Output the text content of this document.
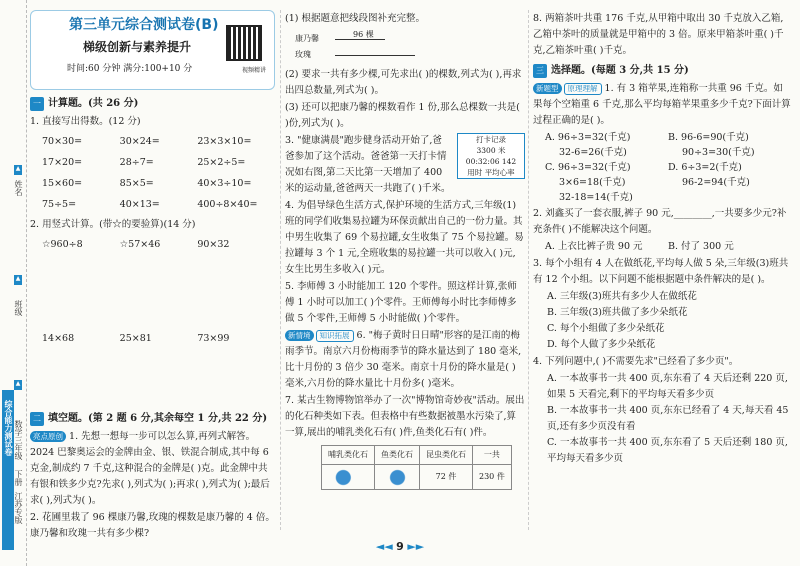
综合能力测试卷 数学三年级
下册
江苏专版
班级
姓名
▲
▲
▲
第三单元综合测试卷(B)
梯级创新与素养提升
时间:60 分钟 满分:100+10 分	视频精讲
一 计算题。(共 26 分)
1. 直接写出得数。(12 分)
70×30=	30×24=	23×3×10=
17×20=	28÷7=	25×2÷5=
15×60=	85×5=	40×3÷10=
75÷5=	40×13=	400÷8×40=
2. 用竖式计算。(带☆的要验算)(14 分)
☆960÷8	☆57×46	90×32
14×68	25×81	73×99
二 填空题。(第 2 题 6 分,其余每空 1 分,共 22 分)
亮点原创 1. 先想一想每一步可以怎么算,再列式解答。2024 巴黎奥运会的金牌由金、银、铁混合制成,其中每 6 克金,制成约 7 千克,这种混合的金牌是( )克。此金牌中共有银和铁多少克?先求( ),列式为( );再求( ),列式为( );最后求( ),列式为( )。
2. 花圃里栽了 96 棵康乃馨,玫瑰的棵数是康乃馨的 4 倍。康乃馨和玫瑰一共有多少棵?
(1) 根据题意把线段图补充完整。
康乃馨	96 棵
玫瑰
(2) 要求一共有多少棵,可先求出( )的棵数,列式为( ),再求出四总数量,列式为( )。
(3) 还可以把康乃馨的棵数看作 1 份,那么总棵数一共是( )份,列式为( )。
打卡记录
3300 米
00:32:06 142
用时 平均心率
3. "健康满晨"跑步健身活动开始了,爸爸参加了这个活动。爸爸第一天打卡情况如右图,第二天比第一天增加了 400 米的运动量,爸爸两天一共跑了( )千米。
4. 为倡导绿色生活方式,保护环境的生活方式,三年级(1)班的同学们收集易拉罐为环保贡献出自己的一份力量。其中男生收集了 69 个易拉罐,女生收集了 75 个易拉罐。易拉罐每 3 个 1 元,全班收集的易拉罐一共可以收入( )元,女生比男生多收入( )元。
5. 李师傅 3 小时能加工 120 个零件。照这样计算,张师傅 1 小时可以加工( )个零件。王师傅每小时比李师傅多做 5 个零件,王师傅 5 小时能做( )个零件。
新情境 知识拓展 6. "梅子黄时日日晴"形容的是江南的梅雨季节。南京六月份梅雨季节的降水量达到了 180 毫米,比十月份的 3 倍少 30 毫米。南京十月份的降水量是( )毫米,六月份的降水量比十月份多( )毫米。
7. 某古生物博物馆举办了一次"博物馆奇妙夜"活动。展出的化石种类如下表。但表格中有些数据被墨水污染了,算一算,展出的哺乳类化石有( )件,鱼类化石有( )件。
哺乳类化石	鱼类化石	昆虫类化石	一共
		72 件	230 件
8. 两箱茶叶共重 176 千克,从甲箱中取出 30 千克放入乙箱,乙箱中茶叶的质量就是甲箱中的 3 倍。原来甲箱茶叶重( )千克,乙箱茶叶重( )千克。
三 选择题。(每题 3 分,共 15 分)
新题型 原理理解 1. 有 3 箱苹果,连箱称一共重 96 千克。如果每个空箱重 6 千克,那么平均每箱苹果重多少千克?下面计算过程正确的是( )。
A. 96÷3=32(千克)	B. 96-6=90(千克)
32-6=26(千克)	90÷3=30(千克)
C. 96÷3=32(千克)	D. 6÷3=2(千克)
3×6=18(千克)	96-2=94(千克)
32-18=14(千克)
2. 刘鑫买了一套衣服,裤子 90 元,________,一共要多少元?补充条件( )不能解决这个问题。
A. 上衣比裤子贵 90 元	B. 付了 300 元
3. 每个小组有 4 人在做纸花,平均每人做 5 朵,三年级(3)班共有 12 个小组。以下问题不能根据题中条件解决的是( )。
A. 三年级(3)班共有多少人在做纸花
B. 三年级(3)班共做了多少朵纸花
C. 每个小组做了多少朵纸花
D. 每个人做了多少朵纸花
4. 下列问题中,( )不需要先求"已经看了多少页"。
A. 一本故事书一共 400 页,东东看了 4 天后还剩 220 页,如果 5 天看完,剩下的平均每天看多少页
B. 一本故事书一共 400 页,东东已经看了 4 天,每天看 45 页,还有多少页没有看
C. 一本故事书一共 400 页,东东看了 5 天后还剩 180 页,平均每天看多少页
◄◄ 9 ►►
